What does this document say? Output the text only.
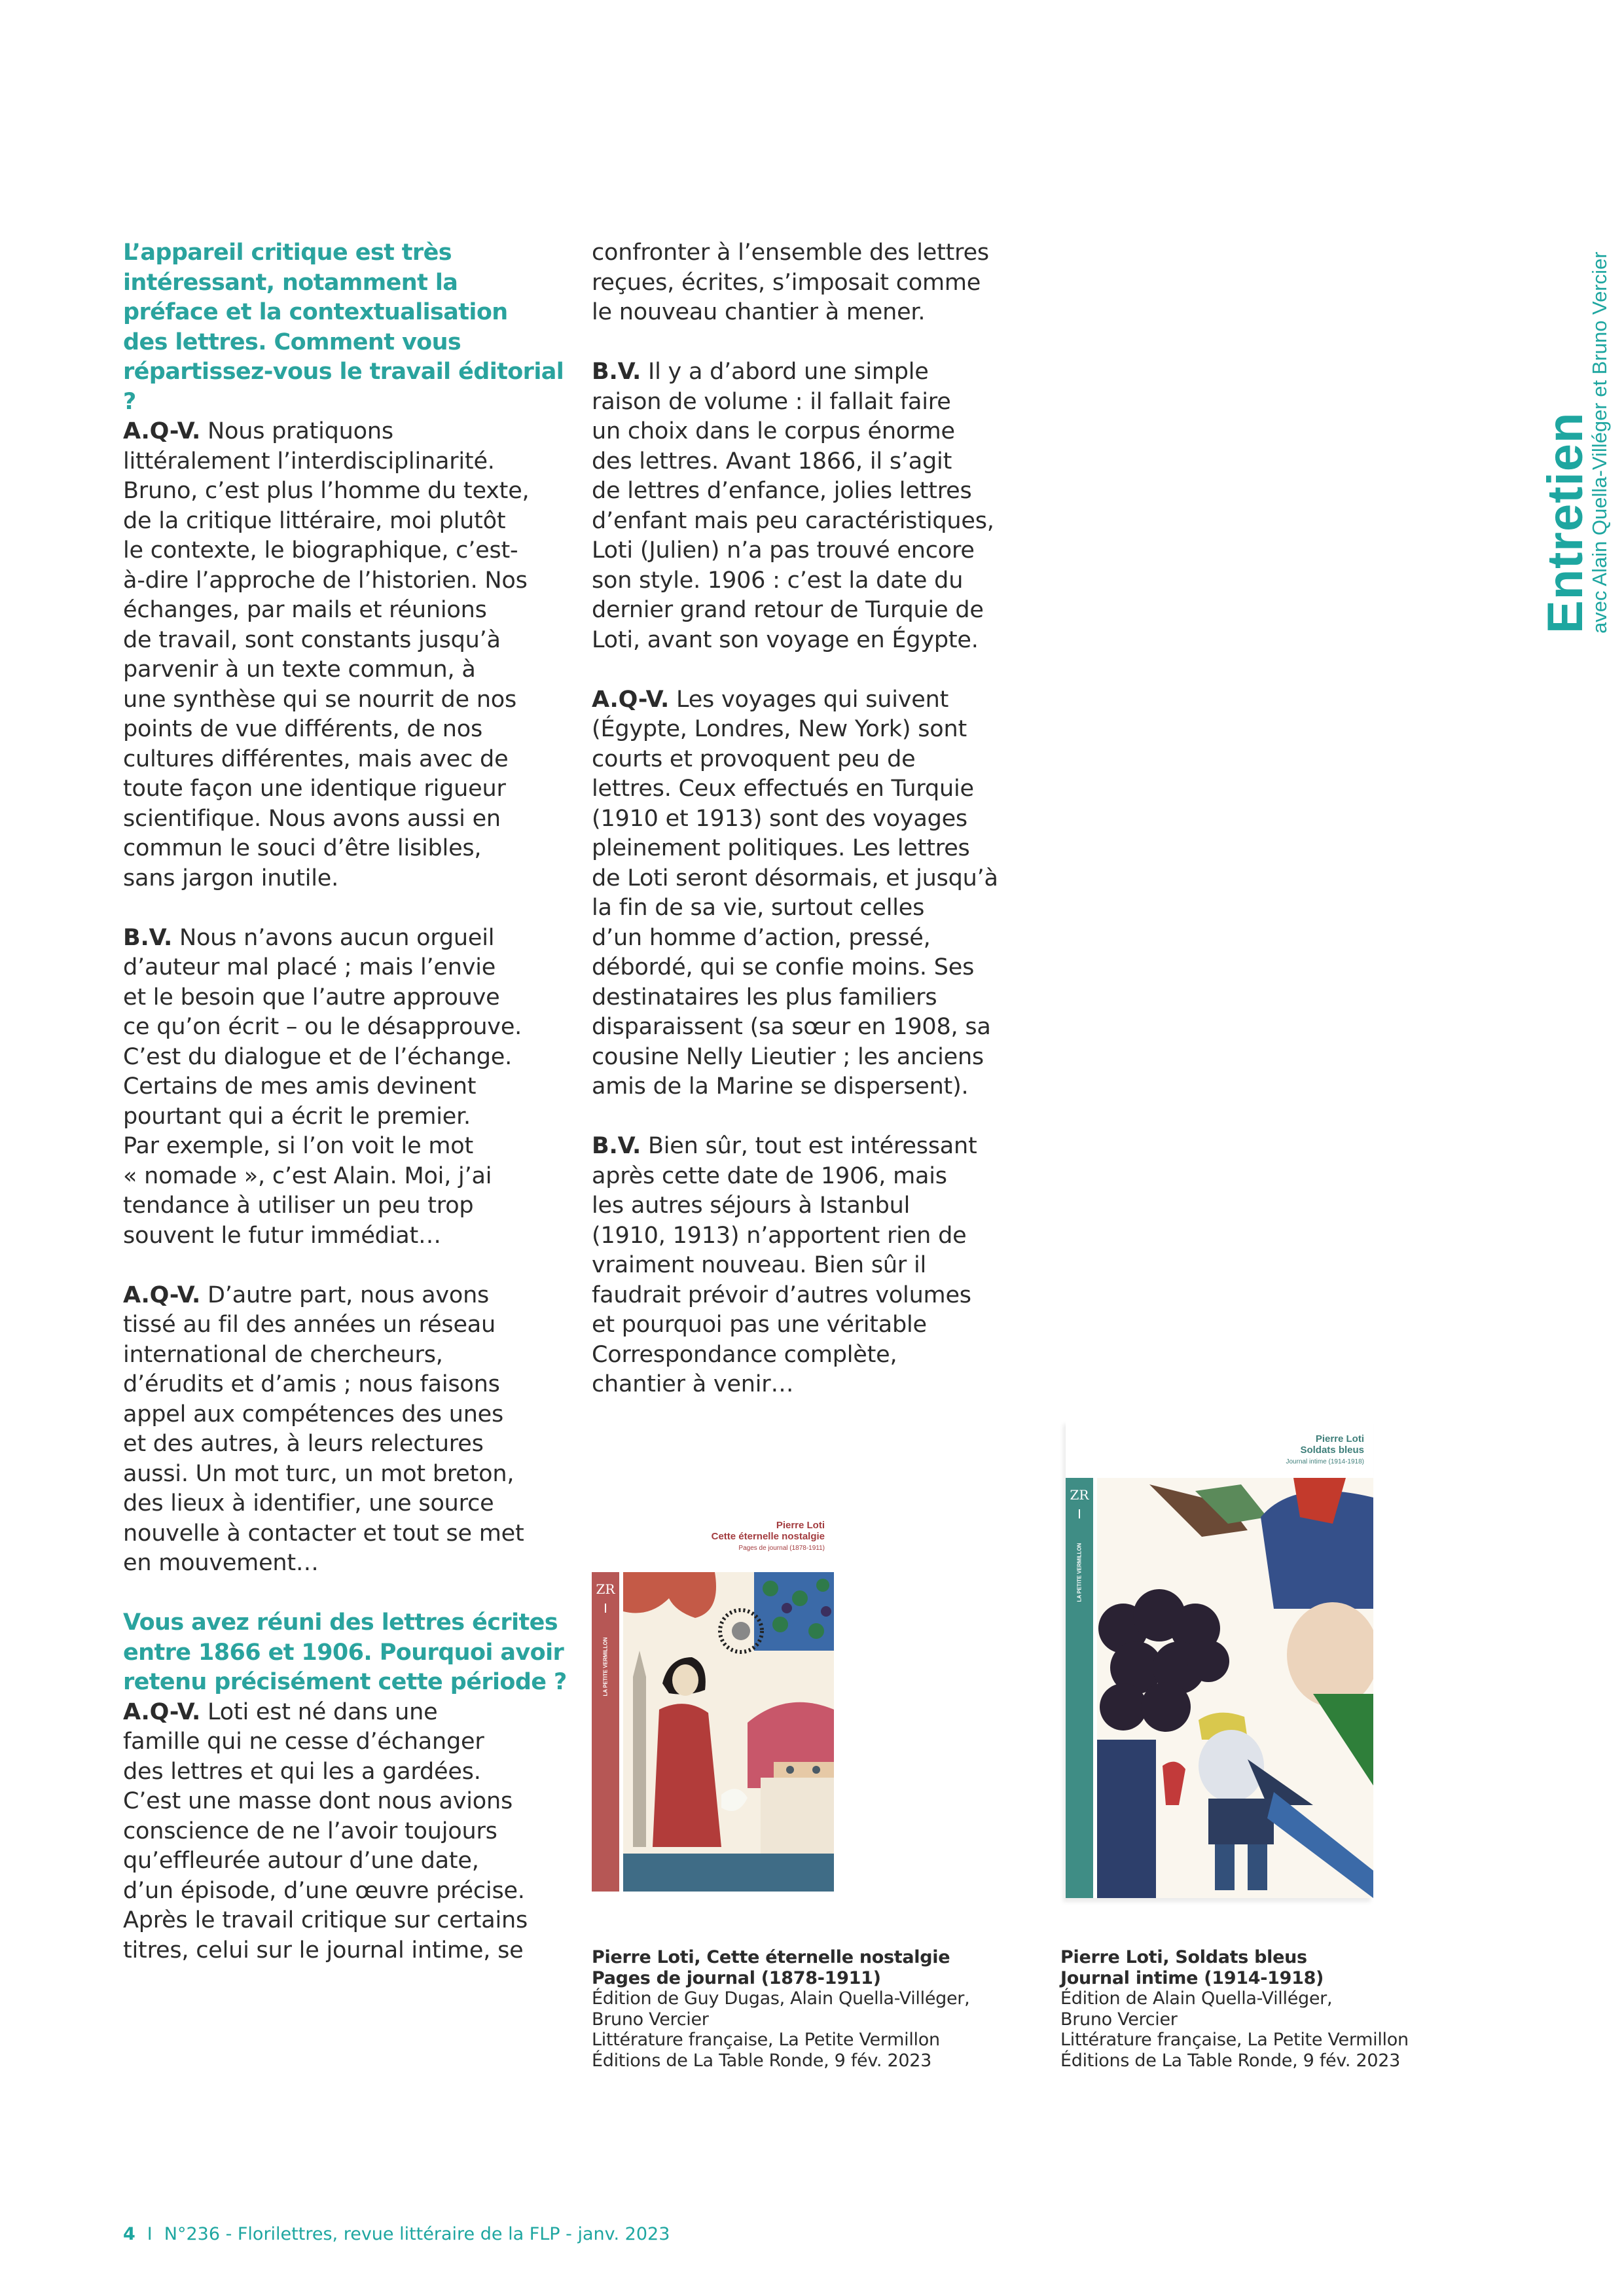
Entretien
avec Alain Quella-Villéger et Bruno Vercier

L’appareil critique est très
intéressant, notamment la
préface et la contextualisation
des lettres. Comment vous
répartissez-vous le travail éditorial ?

A.Q-V. Nous pratiquons
littéralement l’interdisciplinarité.
Bruno, c’est plus l’homme du texte,
de la critique littéraire, moi plutôt
le contexte, le biographique, c’est-
à-dire l’approche de l’historien. Nos
échanges, par mails et réunions
de travail, sont constants jusqu’à
parvenir à un texte commun, à
une synthèse qui se nourrit de nos
points de vue différents, de nos
cultures différentes, mais avec de
toute façon une identique rigueur
scientifique. Nous avons aussi en
commun le souci d’être lisibles,
sans jargon inutile.

B.V. Nous n’avons aucun orgueil
d’auteur mal placé ; mais l’envie
et le besoin que l’autre approuve
ce qu’on écrit – ou le désapprouve.
C’est du dialogue et de l’échange.
Certains de mes amis devinent
pourtant qui a écrit le premier.
Par exemple, si l’on voit le mot
« nomade », c’est Alain. Moi, j’ai
tendance à utiliser un peu trop
souvent le futur immédiat…

A.Q-V. D’autre part, nous avons
tissé au fil des années un réseau
international de chercheurs,
d’érudits et d’amis ; nous faisons
appel aux compétences des unes
et des autres, à leurs relectures
aussi. Un mot turc, un mot breton,
des lieux à identifier, une source
nouvelle à contacter et tout se met
en mouvement…

Vous avez réuni des lettres écrites
entre 1866 et 1906. Pourquoi avoir
retenu précisément cette période ?

A.Q-V. Loti est né dans une
famille qui ne cesse d’échanger
des lettres et qui les a gardées.
C’est une masse dont nous avions
conscience de ne l’avoir toujours
qu’effleurée autour d’une date,
d’un épisode, d’une œuvre précise.
Après le travail critique sur certains
titres, celui sur le journal intime, se

confronter à l’ensemble des lettres
reçues, écrites, s’imposait comme
le nouveau chantier à mener.

B.V. Il y a d’abord une simple
raison de volume : il fallait faire
un choix dans le corpus énorme
des lettres. Avant 1866, il s’agit
de lettres d’enfance, jolies lettres
d’enfant mais peu caractéristiques,
Loti (Julien) n’a pas trouvé encore
son style. 1906 : c’est la date du
dernier grand retour de Turquie de
Loti, avant son voyage en Égypte.

A.Q-V. Les voyages qui suivent
(Égypte, Londres, New York) sont
courts et provoquent peu de
lettres. Ceux effectués en Turquie
(1910 et 1913) sont des voyages
pleinement politiques. Les lettres
de Loti seront désormais, et jusqu’à
la fin de sa vie, surtout celles
d’un homme d’action, pressé,
débordé, qui se confie moins. Ses
destinataires les plus familiers
disparaissent (sa sœur en 1908, sa
cousine Nelly Lieutier ; les anciens
amis de la Marine se dispersent).

B.V. Bien sûr, tout est intéressant
après cette date de 1906, mais
les autres séjours à Istanbul
(1910, 1913) n’apportent rien de
vraiment nouveau. Bien sûr il
faudrait prévoir d’autres volumes
et pourquoi pas une véritable
Correspondance complète,
chantier à venir…

Pierre Loti
Cette éternelle nostalgie
Pages de journal (1878-1911)
ZR
LA PETITE VERMILLON
Pierre Loti
Soldats bleus
Journal intime (1914-1918)
ZR
LA PETITE VERMILLON
Pierre Loti, Cette éternelle nostalgie
Pages de journal (1878-1911)
Édition de Guy Dugas, Alain Quella-Villéger,
Bruno Vercier
Littérature française, La Petite Vermillon
Éditions de La Table Ronde, 9 fév. 2023
Pierre Loti, Soldats bleus
Journal intime (1914-1918)
Édition de Alain Quella-Villéger,
Bruno Vercier
Littérature française, La Petite Vermillon
Éditions de La Table Ronde, 9 fév. 2023
4 I N°236 - Florilettres, revue littéraire de la FLP - janv. 2023
